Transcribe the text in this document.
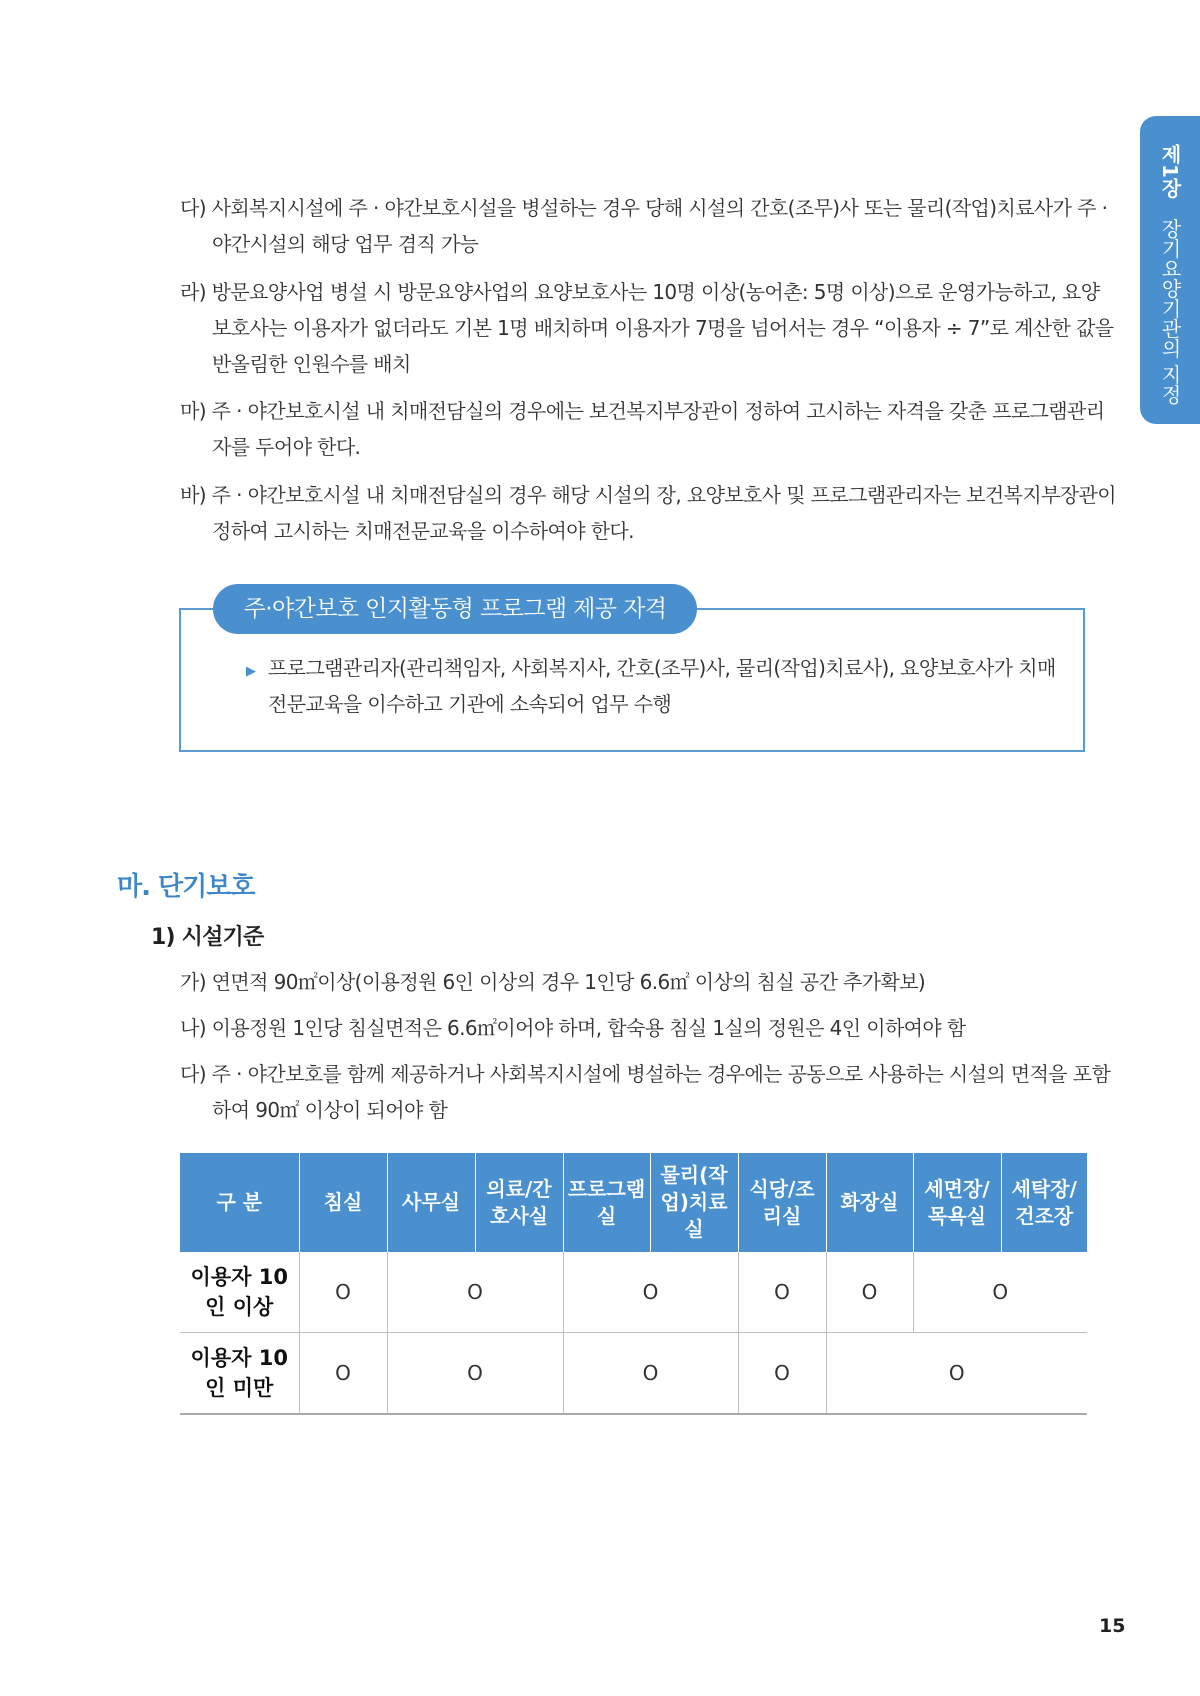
제1장 장기요양기관의 지정
다) 사회복지시설에 주 · 야간보호시설을 병설하는 경우 당해 시설의 간호(조무)사 또는 물리(작업)치료사가 주 · 야간시설의 해당 업무 겸직 가능
라) 방문요양사업 병설 시 방문요양사업의 요양보호사는 10명 이상(농어촌: 5명 이상)으로 운영가능하고, 요양보호사는 이용자가 없더라도 기본 1명 배치하며 이용자가 7명을 넘어서는 경우 “이용자 ÷ 7”로 계산한 값을 반올림한 인원수를 배치
마) 주 · 야간보호시설 내 치매전담실의 경우에는 보건복지부장관이 정하여 고시하는 자격을 갖춘 프로그램관리자를 두어야 한다.
바) 주 · 야간보호시설 내 치매전담실의 경우 해당 시설의 장, 요양보호사 및 프로그램관리자는 보건복지부장관이 정하여 고시하는 치매전문교육을 이수하여야 한다.
주·야간보호 인지활동형 프로그램 제공 자격
▶ 프로그램관리자(관리책임자, 사회복지사, 간호(조무)사, 물리(작업)치료사), 요양보호사가 치매전문교육을 이수하고 기관에 소속되어 업무 수행
마. 단기보호
1) 시설기준
가) 연면적 90㎡이상(이용정원 6인 이상의 경우 1인당 6.6㎡ 이상의 침실 공간 추가확보)
나) 이용정원 1인당 침실면적은 6.6㎡이어야 하며, 합숙용 침실 1실의 정원은 4인 이하여야 함
다) 주 · 야간보호를 함께 제공하거나 사회복지시설에 병설하는 경우에는 공동으로 사용하는 시설의 면적을 포함하여 90㎡ 이상이 되어야 함
구 분	침실	사무실	의료/간호사실	프로그램실	물리(작업)치료실	식당/조리실	화장실	세면장/목욕실	세탁장/건조장
이용자 10인 이상	O	O		O		O	O	O	
이용자 10인 미만	O	O		O		O	O		
15
